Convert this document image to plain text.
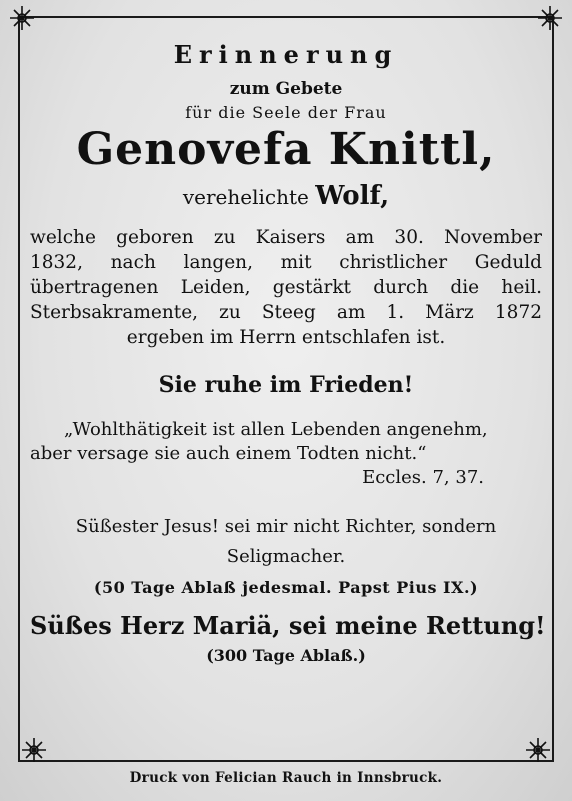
Erinnerung
zum Gebete
für die Seele der Frau
Genovefa Knittl,
verehelichte Wolf,
welche geboren zu Kaisers am 30. November
1832, nach langen, mit christlicher Geduld
übertragenen Leiden, gestärkt durch die heil.
Sterbsakramente, zu Steeg am 1. März 1872
ergeben im Herrn entschlafen ist.
Sie ruhe im Frieden!
„Wohlthätigkeit ist allen Lebenden angenehm,
aber versage sie auch einem Todten nicht.“
Eccles. 7, 37.
Süßester Jesus! sei mir nicht Richter, sondern
Seligmacher.
(50 Tage Ablaß jedesmal. Papst Pius IX.)
Süßes Herz Mariä, sei meine Rettung!
(300 Tage Ablaß.)
Druck von Felician Rauch in Innsbruck.
